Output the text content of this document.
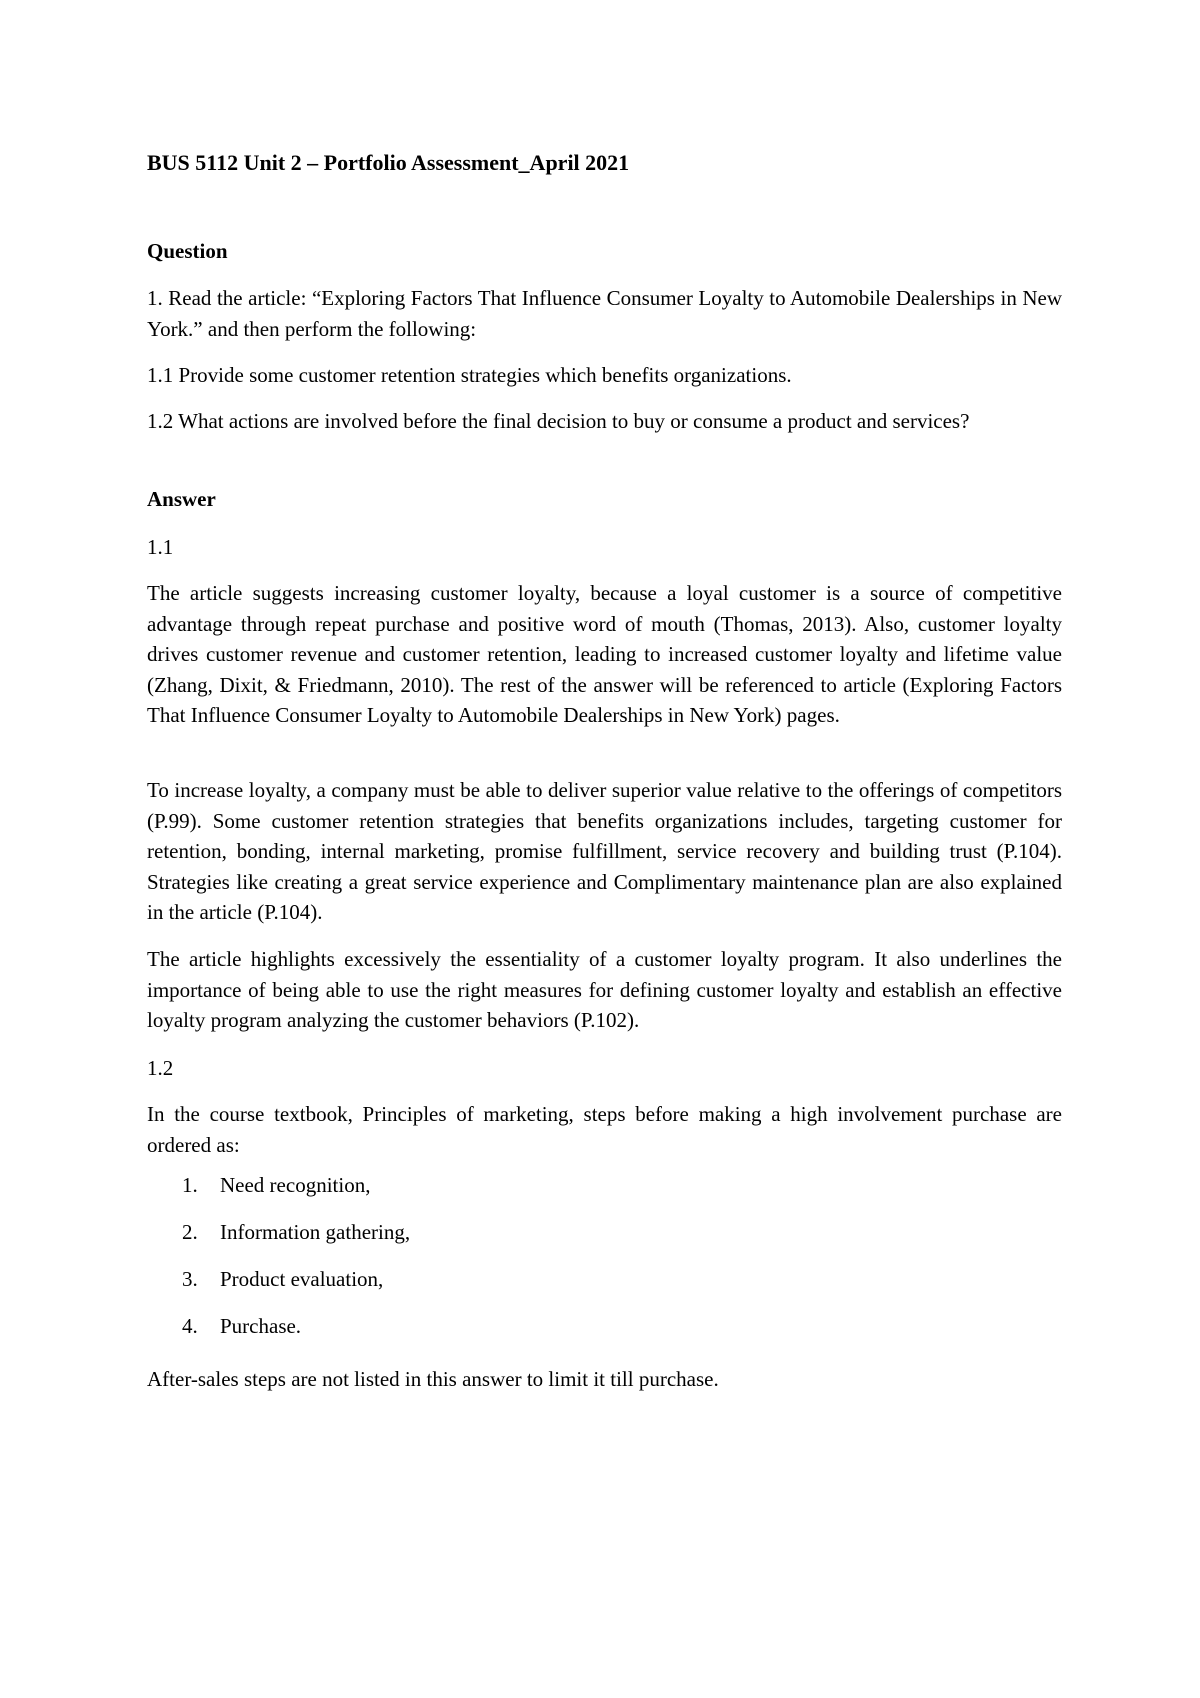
BUS 5112 Unit 2 – Portfolio Assessment_April 2021

Question

1. Read the article: “Exploring Factors That Influence Consumer Loyalty to Automobile Dealerships in New York.” and then perform the following:

1.1 Provide some customer retention strategies which benefits organizations.

1.2 What actions are involved before the final decision to buy or consume a product and services?

Answer

1.1

The article suggests increasing customer loyalty, because a loyal customer is a source of competitive advantage through repeat purchase and positive word of mouth (Thomas, 2013). Also, customer loyalty drives customer revenue and customer retention, leading to increased customer loyalty and lifetime value (Zhang, Dixit, & Friedmann, 2010). The rest of the answer will be referenced to article (Exploring Factors That Influence Consumer Loyalty to Automobile Dealerships in New York) pages.

To increase loyalty, a company must be able to deliver superior value relative to the offerings of competitors (P.99). Some customer retention strategies that benefits organizations includes, targeting customer for retention, bonding, internal marketing, promise fulfillment, service recovery and building trust (P.104). Strategies like creating a great service experience and Complimentary maintenance plan are also explained in the article (P.104).

The article highlights excessively the essentiality of a customer loyalty program. It also underlines the importance of being able to use the right measures for defining customer loyalty and establish an effective loyalty program analyzing the customer behaviors (P.102).

1.2

In the course textbook, Principles of marketing, steps before making a high involvement purchase are ordered as:

1.	Need recognition,
2.	Information gathering,
3.	Product evaluation,
4.	Purchase.

After-sales steps are not listed in this answer to limit it till purchase.
